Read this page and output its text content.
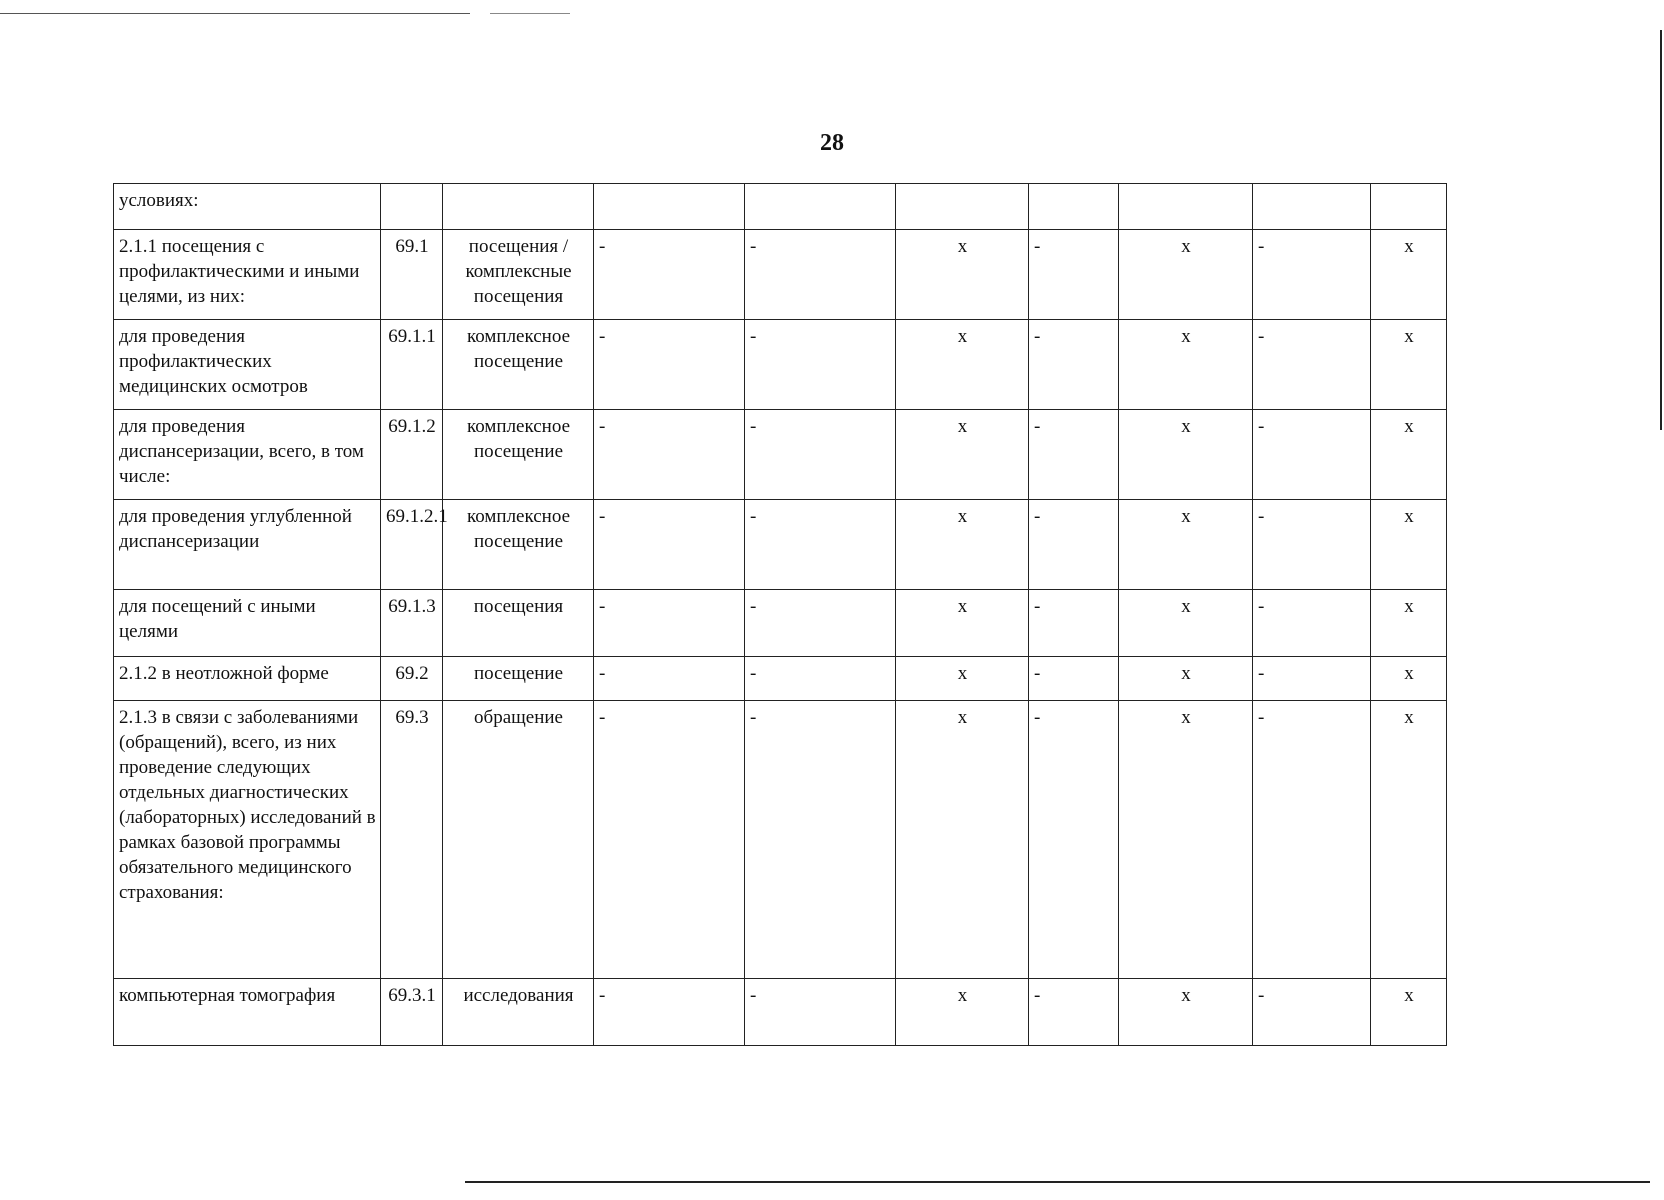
28
условиях:									
2.1.1 посещения с профилактическими и иными целями, из них:	69.1	посещения / комплексные посещения	-	-	x	-	x	-	x
для проведения профилактических медицинских осмотров	69.1.1	комплексное посещение	-	-	x	-	x	-	x
для проведения диспансеризации, всего, в том числе:	69.1.2	комплексное посещение	-	-	x	-	x	-	x
для проведения углубленной диспансеризации	69.1.2.1	комплексное посещение	-	-	x	-	x	-	x
для посещений с иными целями	69.1.3	посещения	-	-	x	-	x	-	x
2.1.2 в неотложной форме	69.2	посещение	-	-	x	-	x	-	x
2.1.3 в связи с заболеваниями (обращений), всего, из них проведение следующих отдельных диагностических (лабораторных) исследований в рамках базовой программы обязательного медицинского страхования:	69.3	обращение	-	-	x	-	x	-	x
компьютерная томография	69.3.1	исследования	-	-	x	-	x	-	x
